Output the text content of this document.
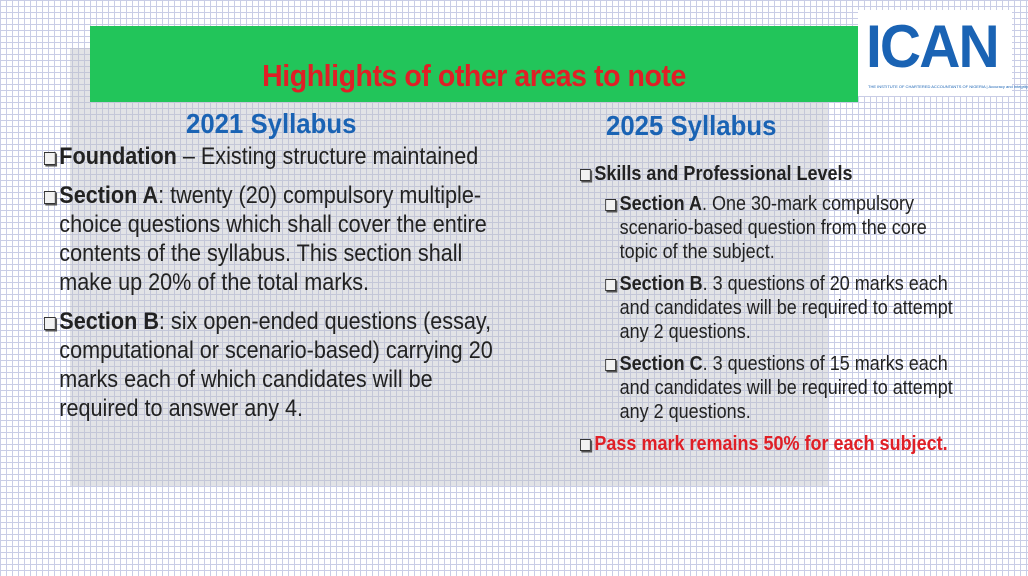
Highlights of other areas to note	ICAN
THE INSTITUTE OF CHARTERED ACCOUNTANTS OF NIGERIA | Accuracy and Integrity
2021 Syllabus	2025 Syllabus
Foundation – Existing structure maintained
Section A: twenty (20) compulsory multiple-choice questions which shall cover the entire contents of the syllabus. This section shall make up 20% of the total marks.
Section B: six open-ended questions (essay, computational or scenario-based) carrying 20 marks each of which candidates will be required to answer any 4.
Skills and Professional Levels
Section A. One 30-mark compulsory scenario-based question from the core topic of the subject.
Section B. 3 questions of 20 marks each and candidates will be required to attempt any 2 questions.
Section C. 3 questions of 15 marks each and candidates will be required to attempt any 2 questions.
Pass mark remains 50% for each subject.
